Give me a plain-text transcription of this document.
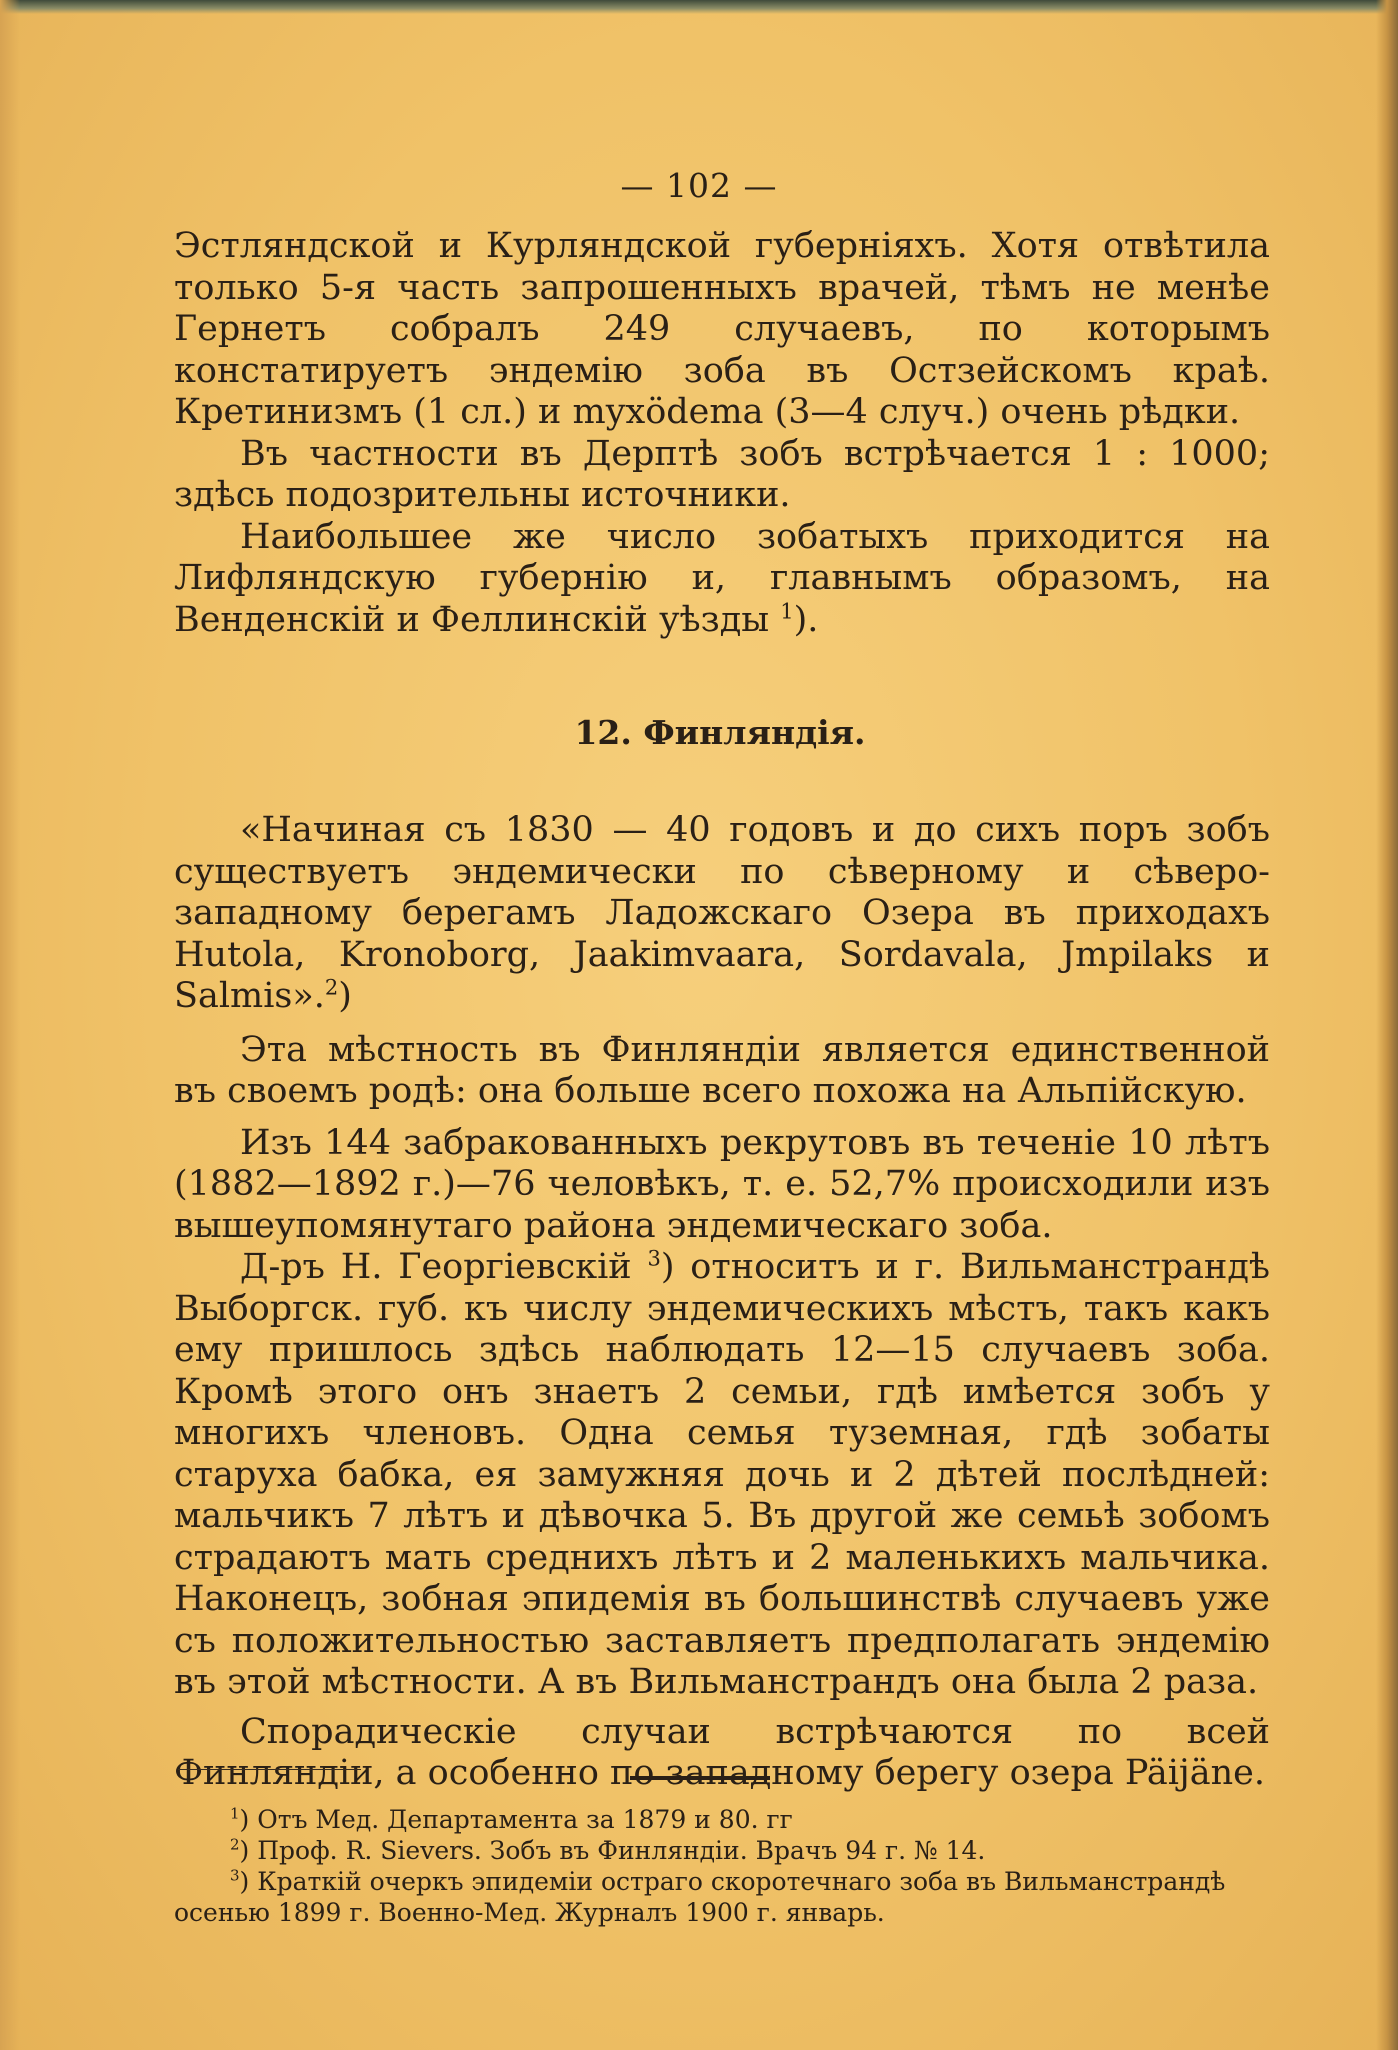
— 102 —

Эстляндской и Курляндской губерніяхъ. Хотя отвѣтила только 5-я часть запрошенныхъ врачей, тѣмъ не менѣе Гернетъ собралъ 249 случаевъ, по которымъ констатируетъ эндемію зоба въ Остзейскомъ краѣ. Кретинизмъ (1 сл.) и myxödema (3—4 случ.) очень рѣдки.

Въ частности въ Дерптѣ зобъ встрѣчается 1 : 1000; здѣсь подозрительны источники.

Наибольшее же число зобатыхъ приходится на Лифляндскую губернію и, главнымъ образомъ, на Венденскій и Феллинскій уѣзды $^1$).

12. Финляндія.

«Начиная съ 1830 — 40 годовъ и до сихъ поръ зобъ существуетъ эндемически по сѣверному и сѣверо-западному берегамъ Ладожскаго Озера въ приходахъ Hutola, Kronoborg, Jaakimvaara, Sordavala, Jmpilaks и Salmis».$^2$)

Эта мѣстность въ Финляндіи является единственной въ своемъ родѣ: она больше всего похожа на Альпійскую.

Изъ 144 забракованныхъ рекрутовъ въ теченіе 10 лѣтъ (1882—1892 г.)—76 человѣкъ, т. е. 52,7% происходили изъ вышеупомянутаго района эндемическаго зоба.

Д-ръ Н. Георгіевскій $^3$) относитъ и г. Вильманстрандѣ Выборгск. губ. къ числу эндемическихъ мѣстъ, такъ какъ ему пришлось здѣсь наблюдать 12—15 случаевъ зоба. Кромѣ этого онъ знаетъ 2 семьи, гдѣ имѣется зобъ у многихъ членовъ. Одна семья туземная, гдѣ зобаты старуха бабка, ея замужняя дочь и 2 дѣтей послѣдней: мальчикъ 7 лѣтъ и дѣвочка 5. Въ другой же семьѣ зобомъ страдаютъ мать среднихъ лѣтъ и 2 маленькихъ мальчика. Наконецъ, зобная эпидемія въ большинствѣ случаевъ уже съ положительностью заставляетъ предполагать эндемію въ этой мѣстности. А въ Вильманстрандъ она была 2 раза.

Спорадическіе случаи встрѣчаются по всей Финляндіи, а особенно по западному берегу озера Päijäne.

$^1$) Отъ Мед. Департамента за 1879 и 80. гг

$^2$) Проф. R. Sievers. Зобъ въ Финляндіи. Врачъ 94 г. № 14.

$^3$) Краткій очеркъ эпидеміи остраго скоротечнаго зоба въ Вильманстрандѣ осенью 1899 г. Военно-Мед. Журналъ 1900 г. январь.
